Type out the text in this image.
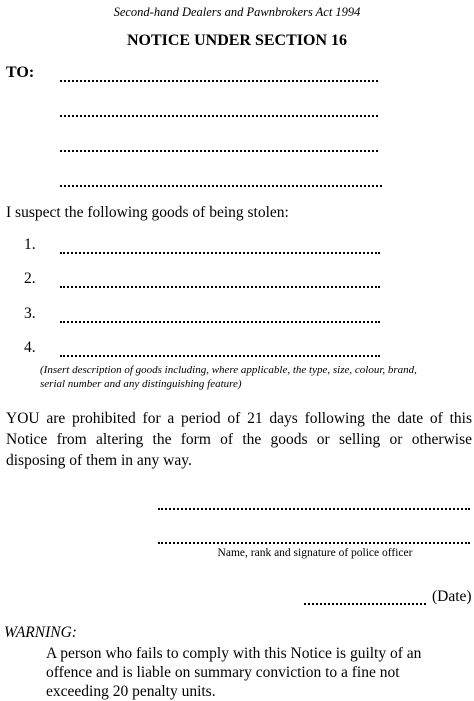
Second-hand Dealers and Pawnbrokers Act 1994
NOTICE UNDER SECTION 16
TO:
I suspect the following goods of being stolen:
1.
2.
3.
4.
(Insert description of goods including, where applicable, the type, size, colour, brand, serial number and any distinguishing feature)
YOU are prohibited for a period of 21 days following the date of this Notice from altering the form of the goods or selling or otherwise disposing of them in any way.
Name, rank and signature of police officer
(Date)
WARNING:
A person who fails to comply with this Notice is guilty of an offence and is liable on summary conviction to a fine not exceeding 20 penalty units.
